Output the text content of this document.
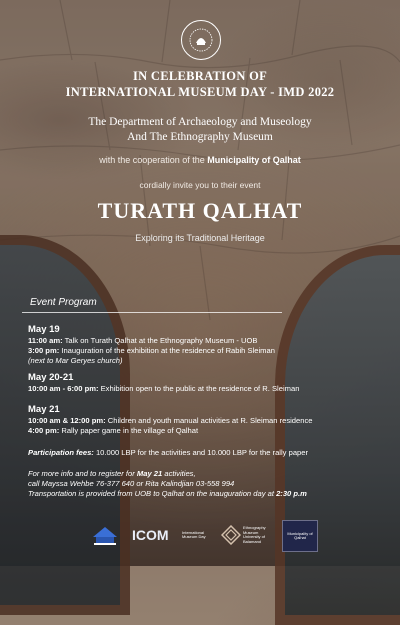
IN CELEBRATION OF
INTERNATIONAL MUSEUM DAY - IMD 2022
The Department of Archaeology and Museology
And The Ethnography Museum
with the cooperation of the Municipality of Qalhat
cordially invite you to their event
TURATH QALHAT
Exploring its Traditional Heritage
Event Program
May 19
11:00 am: Talk on Turath Qalhat at the Ethnography Museum - UOB
3:00 pm: Inauguration of the exhibition at the residence of Rabih Sleiman
(next to Mar Geryes church)
May 20-21
10:00 am - 6:00 pm: Exhibition open to the public at the residence of R. Sleiman
May 21
10:00 am & 12:00 pm: Children and youth manual activities at R. Sleiman residence
4:00 pm: Rally paper game in the village of Qalhat
Participation fees: 10.000 LBP for the activities and 10.000 LBP for the rally paper
For more info and to register for May 21 activities,
call Mayssa Wehbe 76-377 640 or Rita Kalindjian 03-558 994
Transportation is provided from UOB to Qalhat on the inauguration day at 2:30 p.m
ICOM	International Museum Day
Ethnography Museum University of Balamand
Municipality of Qalhat
